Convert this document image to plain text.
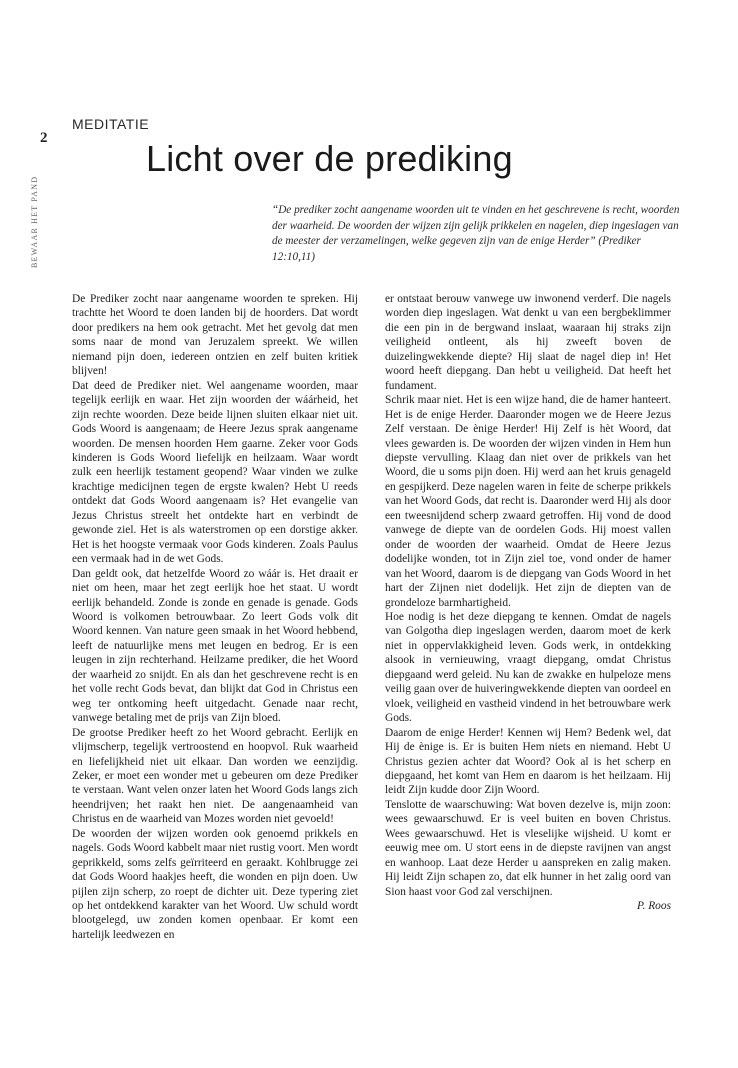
MEDITATIE
2
BEWAAR HET PAND
Licht over de prediking
“De prediker zocht aangename woorden uit te vinden en het geschrevene is recht, woorden der waarheid. De woorden der wijzen zijn gelijk prikkelen en nagelen, diep ingeslagen van de meester der verzamelingen, welke gegeven zijn van de enige Herder” (Prediker 12:10,11)

De Prediker zocht naar aangename woorden te spreken. Hij trachtte het Woord te doen landen bij de hoorders. Dat wordt door predikers na hem ook getracht. Met het gevolg dat men soms naar de mond van Jeruzalem spreekt. We willen niemand pijn doen, iedereen ontzien en zelf buiten kritiek blijven!

Dat deed de Prediker niet. Wel aangename woorden, maar tegelijk eerlijk en waar. Het zijn woorden der wáárheid, het zijn rechte woorden. Deze beide lijnen sluiten elkaar niet uit. Gods Woord is aangenaam; de Heere Jezus sprak aangename woorden. De mensen hoorden Hem gaarne. Zeker voor Gods kinderen is Gods Woord liefelijk en heilzaam. Waar wordt zulk een heerlijk testament geopend? Waar vinden we zulke krachtige medicijnen tegen de ergste kwalen? Hebt U reeds ontdekt dat Gods Woord aangenaam is? Het evangelie van Jezus Christus streelt het ontdekte hart en verbindt de gewonde ziel. Het is als waterstromen op een dorstige akker. Het is het hoogste vermaak voor Gods kinderen. Zoals Paulus een vermaak had in de wet Gods.

Dan geldt ook, dat hetzelfde Woord zo wáár is. Het draait er niet om heen, maar het zegt eerlijk hoe het staat. U wordt eerlijk behandeld. Zonde is zonde en genade is genade. Gods Woord is volkomen betrouwbaar. Zo leert Gods volk dit Woord kennen. Van nature geen smaak in het Woord hebbend, leeft de natuurlijke mens met leugen en bedrog. Er is een leugen in zijn rechterhand. Heilzame prediker, die het Woord der waarheid zo snijdt. En als dan het geschrevene recht is en het volle recht Gods bevat, dan blijkt dat God in Christus een weg ter ontkoming heeft uitgedacht. Genade naar recht, vanwege betaling met de prijs van Zijn bloed.

De grootse Prediker heeft zo het Woord gebracht. Eerlijk en vlijmscherp, tegelijk vertroostend en hoopvol. Ruk waarheid en liefelijkheid niet uit elkaar. Dan worden we eenzijdig. Zeker, er moet een wonder met u gebeuren om deze Prediker te verstaan. Want velen onzer laten het Woord Gods langs zich heendrijven; het raakt hen niet. De aangenaamheid van Christus en de waarheid van Mozes worden niet gevoeld!

De woorden der wijzen worden ook genoemd prikkels en nagels. Gods Woord kabbelt maar niet rustig voort. Men wordt geprikkeld, soms zelfs geïrriteerd en geraakt. Kohlbrugge zei dat Gods Woord haakjes heeft, die wonden en pijn doen. Uw pijlen zijn scherp, zo roept de dichter uit. Deze typering ziet op het ontdekkend karakter van het Woord. Uw schuld wordt blootgelegd, uw zonden komen openbaar. Er komt een hartelijk leedwezen en

er ontstaat berouw vanwege uw inwonend verderf. Die nagels worden diep ingeslagen. Wat denkt u van een bergbeklimmer die een pin in de bergwand inslaat, waaraan hij straks zijn veiligheid ontleent, als hij zweeft boven de duizelingwekkende diepte? Hij slaat de nagel diep in! Het woord heeft diepgang. Dan hebt u veiligheid. Dat heeft het fundament.

Schrik maar niet. Het is een wijze hand, die de hamer hanteert. Het is de enige Herder. Daaronder mogen we de Heere Jezus Zelf verstaan. De ènige Herder! Hij Zelf is hèt Woord, dat vlees gewarden is. De woorden der wijzen vinden in Hem hun diepste vervulling. Klaag dan niet over de prikkels van het Woord, die u soms pijn doen. Hij werd aan het kruis genageld en gespijkerd. Deze nagelen waren in feite de scherpe prikkels van het Woord Gods, dat recht is. Daaronder werd Hij als door een tweesnijdend scherp zwaard getroffen. Hij vond de dood vanwege de diepte van de oordelen Gods. Hij moest vallen onder de woorden der waarheid. Omdat de Heere Jezus dodelijke wonden, tot in Zijn ziel toe, vond onder de hamer van het Woord, daarom is de diepgang van Gods Woord in het hart der Zijnen niet dodelijk. Het zijn de diepten van de grondeloze barmhartigheid.

Hoe nodig is het deze diepgang te kennen. Omdat de nagels van Golgotha diep ingeslagen werden, daarom moet de kerk niet in oppervlakkigheid leven. Gods werk, in ontdekking alsook in vernieuwing, vraagt diepgang, omdat Christus diepgaand werd geleid. Nu kan de zwakke en hulpeloze mens veilig gaan over de huiveringwekkende diepten van oordeel en vloek, veiligheid en vastheid vindend in het betrouwbare werk Gods.

Daarom de enige Herder! Kennen wij Hem? Bedenk wel, dat Hij de ènige is. Er is buiten Hem niets en niemand. Hebt U Christus gezien achter dat Woord? Ook al is het scherp en diepgaand, het komt van Hem en daarom is het heilzaam. Hij leidt Zijn kudde door Zijn Woord.

Tenslotte de waarschuwing: Wat boven dezelve is, mijn zoon: wees gewaarschuwd. Er is veel buiten en boven Christus. Wees gewaarschuwd. Het is vleselijke wijsheid. U komt er eeuwig mee om. U stort eens in de diepste ravijnen van angst en wanhoop. Laat deze Herder u aanspreken en zalig maken. Hij leidt Zijn schapen zo, dat elk hunner in het zalig oord van Sion haast voor God zal verschijnen.

P. Roos
